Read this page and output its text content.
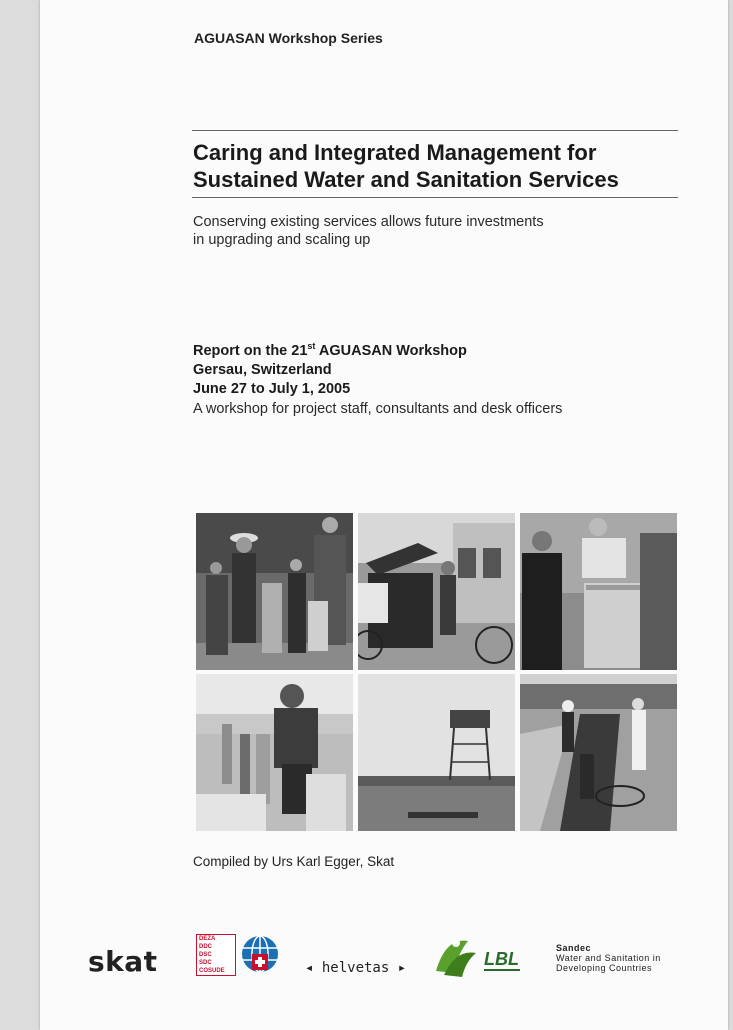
AGUASAN Workshop Series
Caring and Integrated Management for
Sustained Water and Sanitation Services
Conserving existing services allows future investments
in upgrading and scaling up
Report on the 21st AGUASAN Workshop
Gersau, Switzerland
June 27 to July 1, 2005
A workshop for project staff, consultants and desk officers
Compiled by Urs Karl Egger, Skat
skat
DEZA
DDC
DSC
SDC
COSUDE	◂ helvetas ▸	LBL
Sandec
Water and Sanitation in
Developing Countries
